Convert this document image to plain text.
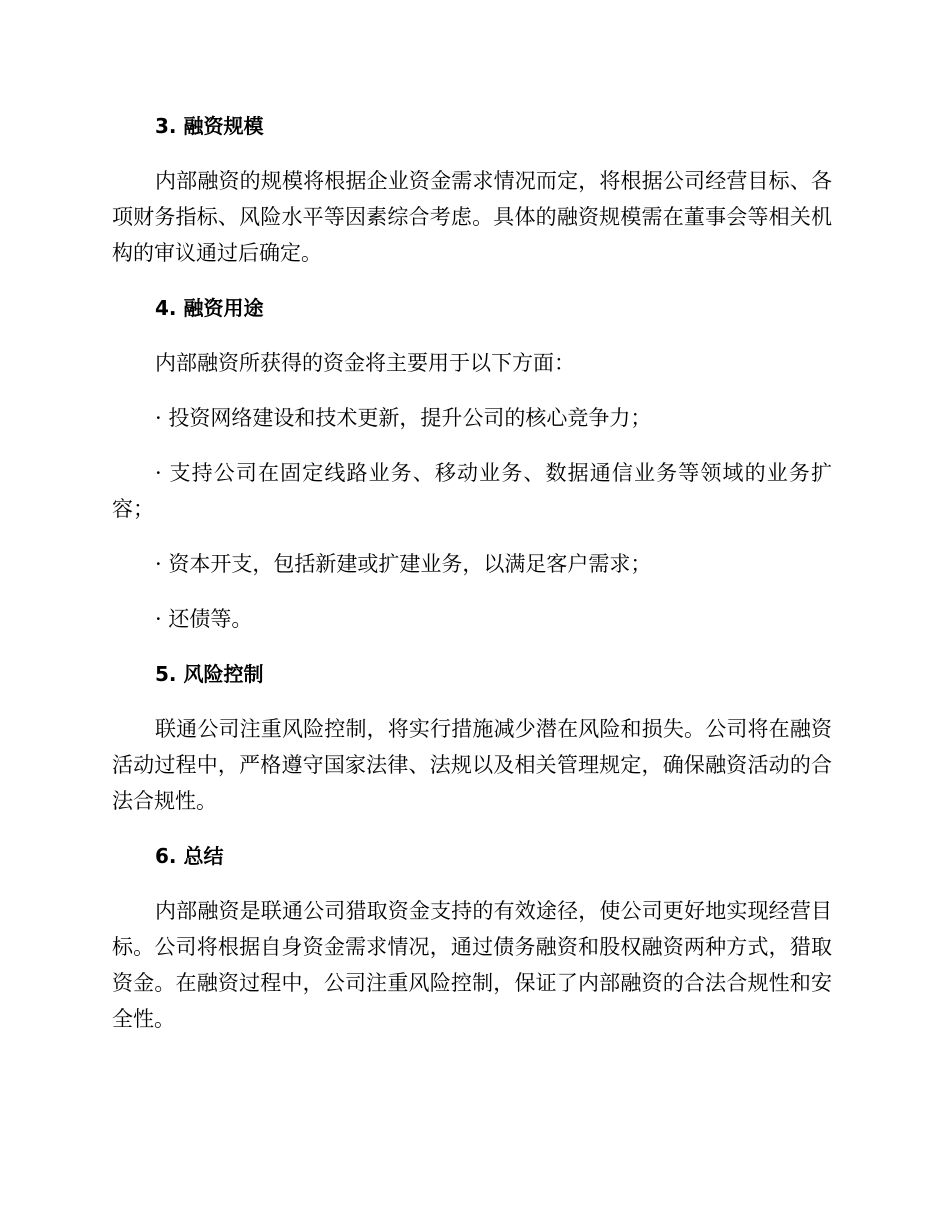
3. 融资规模

内部融资的规模将根据企业资金需求情况而定，将根据公司经营目标、各项财务指标、风险水平等因素综合考虑。具体的融资规模需在董事会等相关机构的审议通过后确定。

4. 融资用途

内部融资所获得的资金将主要用于以下方面：

· 投资网络建设和技术更新，提升公司的核心竞争力；

· 支持公司在固定线路业务、移动业务、数据通信业务等领域的业务扩容；

· 资本开支，包括新建或扩建业务，以满足客户需求；

· 还债等。

5. 风险控制

联通公司注重风险控制，将实行措施减少潜在风险和损失。公司将在融资活动过程中，严格遵守国家法律、法规以及相关管理规定，确保融资活动的合法合规性。

6. 总结

内部融资是联通公司猎取资金支持的有效途径，使公司更好地实现经营目标。公司将根据自身资金需求情况，通过债务融资和股权融资两种方式，猎取资金。在融资过程中，公司注重风险控制，保证了内部融资的合法合规性和安全性。
